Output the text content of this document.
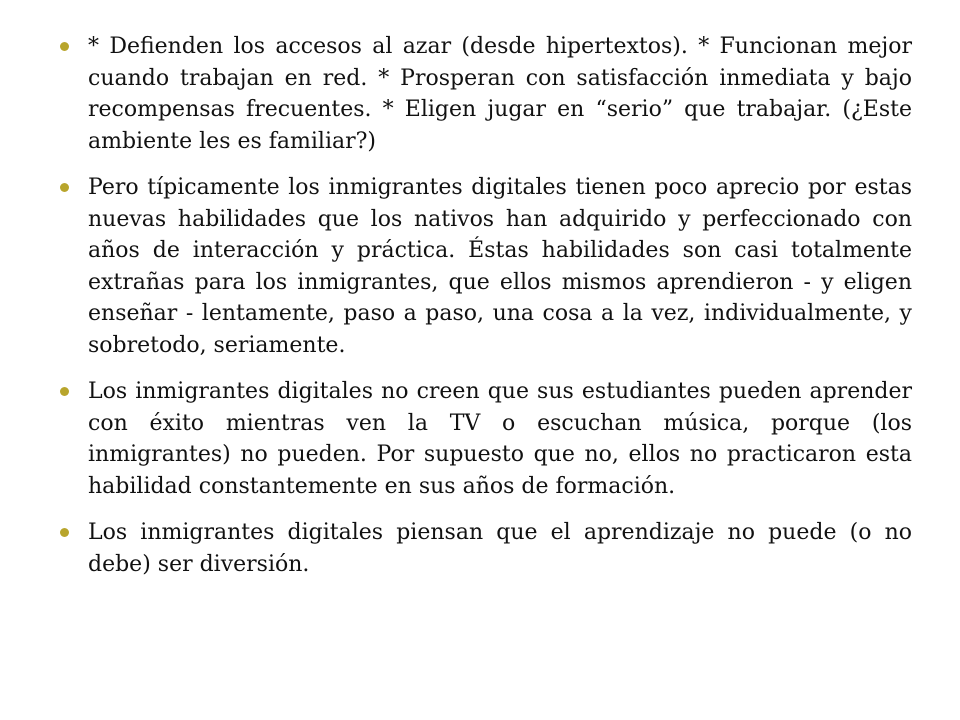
* Defienden los accesos al azar (desde hipertextos). * Funcionan mejor cuando trabajan en red. * Prosperan con satisfacción inmediata y bajo recompensas frecuentes. * Eligen jugar en “serio” que trabajar. (¿Este ambiente les es familiar?)
Pero típicamente los inmigrantes digitales tienen poco aprecio por estas nuevas habilidades que los nativos han adquirido y perfeccionado con años de interacción y práctica. Éstas habilidades son casi totalmente extrañas para los inmigrantes, que ellos mismos aprendieron - y eligen enseñar - lentamente, paso a paso, una cosa a la vez, individualmente, y sobretodo, seriamente.
Los inmigrantes digitales no creen que sus estudiantes pueden aprender con éxito mientras ven la TV o escuchan música, porque (los inmigrantes) no pueden. Por supuesto que no, ellos no practicaron esta habilidad constantemente en sus años de formación.
Los inmigrantes digitales piensan que el aprendizaje no puede (o no debe) ser diversión.
